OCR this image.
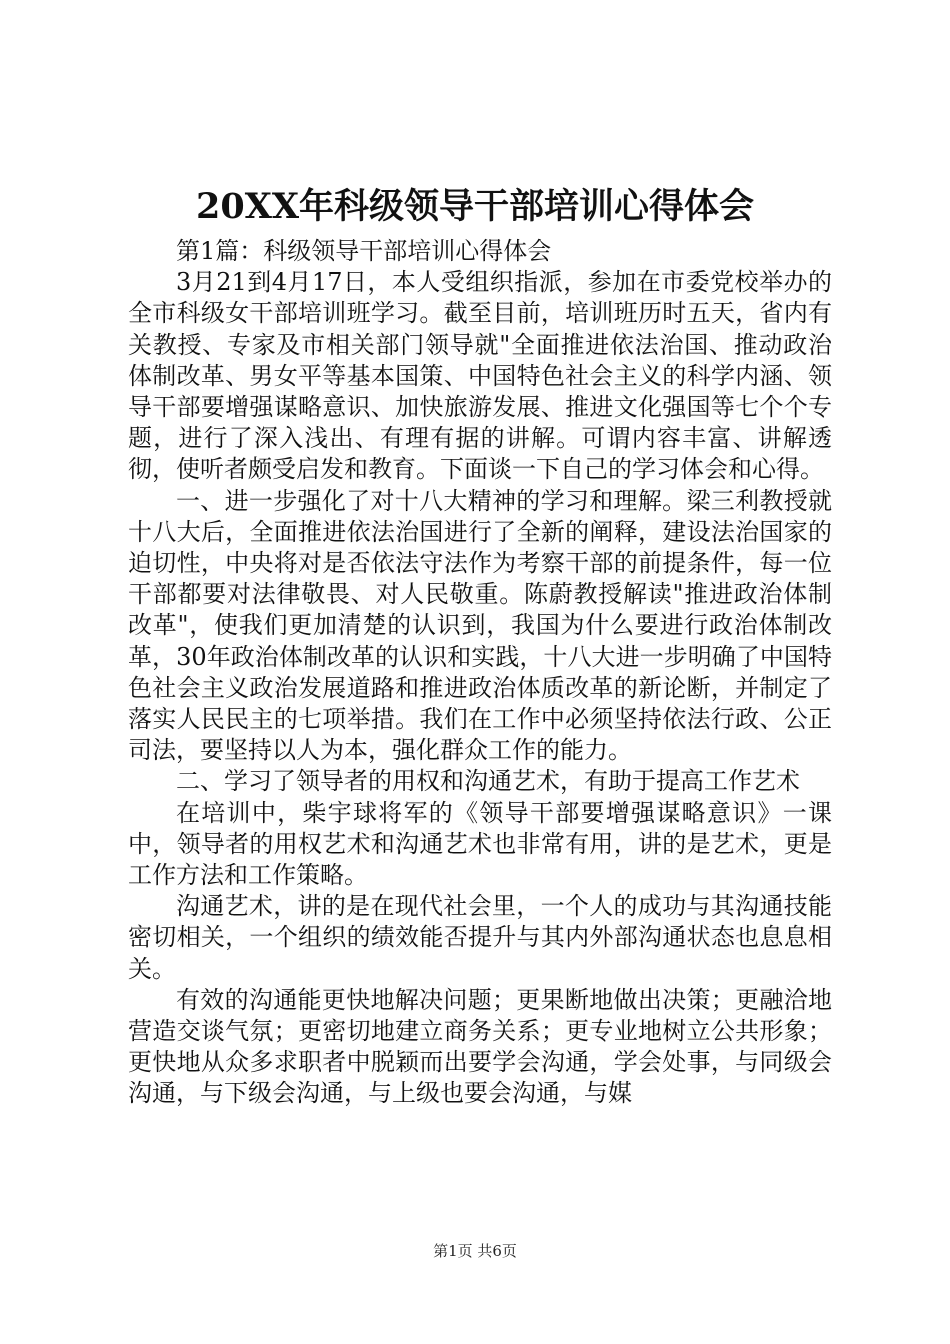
20XX年科级领导干部培训心得体会

第1篇：科级领导干部培训心得体会

3月21到4月17日，本人受组织指派，参加在市委党校举办的全市科级女干部培训班学习。截至目前，培训班历时五天，省内有关教授、专家及市相关部门领导就"全面推进依法治国、推动政治体制改革、男女平等基本国策、中国特色社会主义的科学内涵、领导干部要增强谋略意识、加快旅游发展、推进文化强国等七个个专题，进行了深入浅出、有理有据的讲解。可谓内容丰富、讲解透彻，使听者颇受启发和教育。下面谈一下自己的学习体会和心得。

一、进一步强化了对十八大精神的学习和理解。梁三利教授就十八大后，全面推进依法治国进行了全新的阐释，建设法治国家的迫切性，中央将对是否依法守法作为考察干部的前提条件，每一位干部都要对法律敬畏、对人民敬重。陈蔚教授解读"推进政治体制改革"，使我们更加清楚的认识到，我国为什么要进行政治体制改革，30年政治体制改革的认识和实践，十八大进一步明确了中国特色社会主义政治发展道路和推进政治体质改革的新论断，并制定了落实人民民主的七项举措。我们在工作中必须坚持依法行政、公正司法，要坚持以人为本，强化群众工作的能力。

二、学习了领导者的用权和沟通艺术，有助于提高工作艺术

在培训中，柴宇球将军的《领导干部要增强谋略意识》一课中，领导者的用权艺术和沟通艺术也非常有用，讲的是艺术，更是工作方法和工作策略。

沟通艺术，讲的是在现代社会里，一个人的成功与其沟通技能密切相关，一个组织的绩效能否提升与其内外部沟通状态也息息相关。

有效的沟通能更快地解决问题；更果断地做出决策；更融洽地营造交谈气氛；更密切地建立商务关系；更专业地树立公共形象；更快地从众多求职者中脱颖而出要学会沟通，学会处事，与同级会沟通，与下级会沟通，与上级也要会沟通，与媒

第1页 共6页
